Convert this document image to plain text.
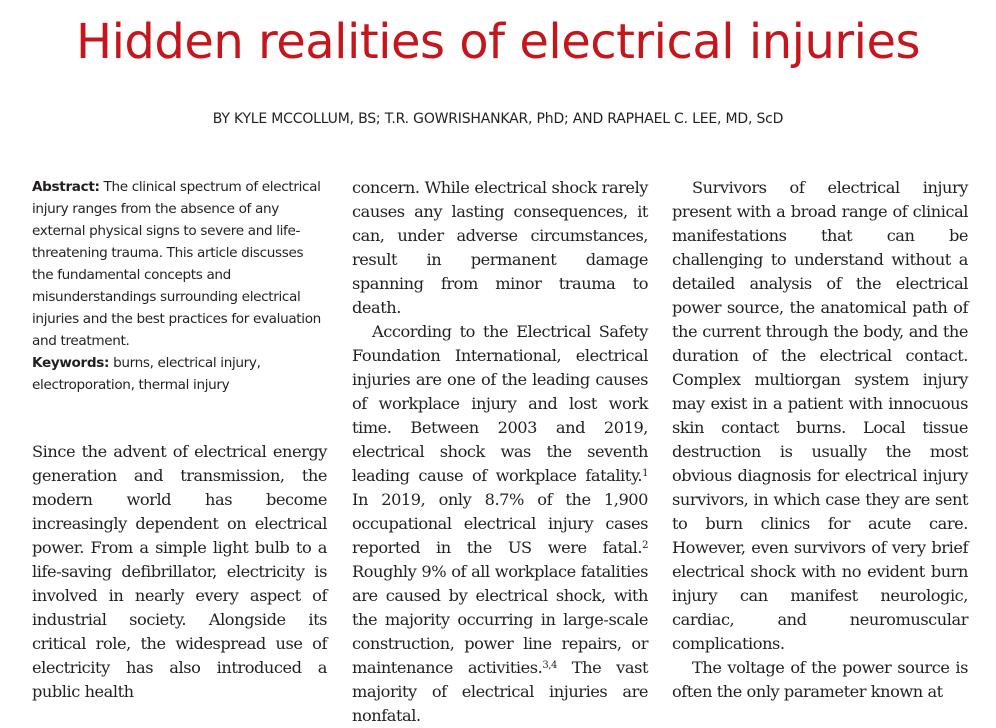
Hidden realities of electrical injuries
BY KYLE MCCOLLUM, BS; T.R. GOWRISHANKAR, PhD; AND RAPHAEL C. LEE, MD, ScD

Abstract: The clinical spectrum of electrical injury ranges from the absence of any external physical signs to severe and life-threatening trauma. This article discusses the fundamental concepts and misunderstandings surrounding electrical injuries and the best practices for evaluation and treatment.

Keywords: burns, electrical injury, electroporation, thermal injury

Since the advent of electrical energy generation and transmission, the modern world has become increasingly dependent on electrical power. From a simple light bulb to a life-saving defibrillator, electricity is involved in nearly every aspect of industrial society. Alongside its critical role, the widespread use of electricity has also introduced a public health

concern. While electrical shock rarely causes any lasting consequences, it can, under adverse circumstances, result in permanent damage spanning from minor trauma to death.

According to the Electrical Safety Foundation International, electrical injuries are one of the leading causes of workplace injury and lost work time. Between 2003 and 2019, electrical shock was the seventh leading cause of workplace fatality.$^1$ In 2019, only 8.7% of the 1,900 occupational electrical injury cases reported in the US were fatal.$^2$ Roughly 9% of all workplace fatalities are caused by electrical shock, with the majority occurring in large-scale construction, power line repairs, or maintenance activities.$^{3,4}$ The vast majority of electrical injuries are nonfatal.

Survivors of electrical injury present with a broad range of clinical manifestations that can be challenging to understand without a detailed analysis of the electrical power source, the anatomical path of the current through the body, and the duration of the electrical contact. Complex multiorgan system injury may exist in a patient with innocuous skin contact burns. Local tissue destruction is usually the most obvious diagnosis for electrical injury survivors, in which case they are sent to burn clinics for acute care. However, even survivors of very brief electrical shock with no evident burn injury can manifest neurologic, cardiac, and neuromuscular complications.

The voltage of the power source is often the only parameter known at
